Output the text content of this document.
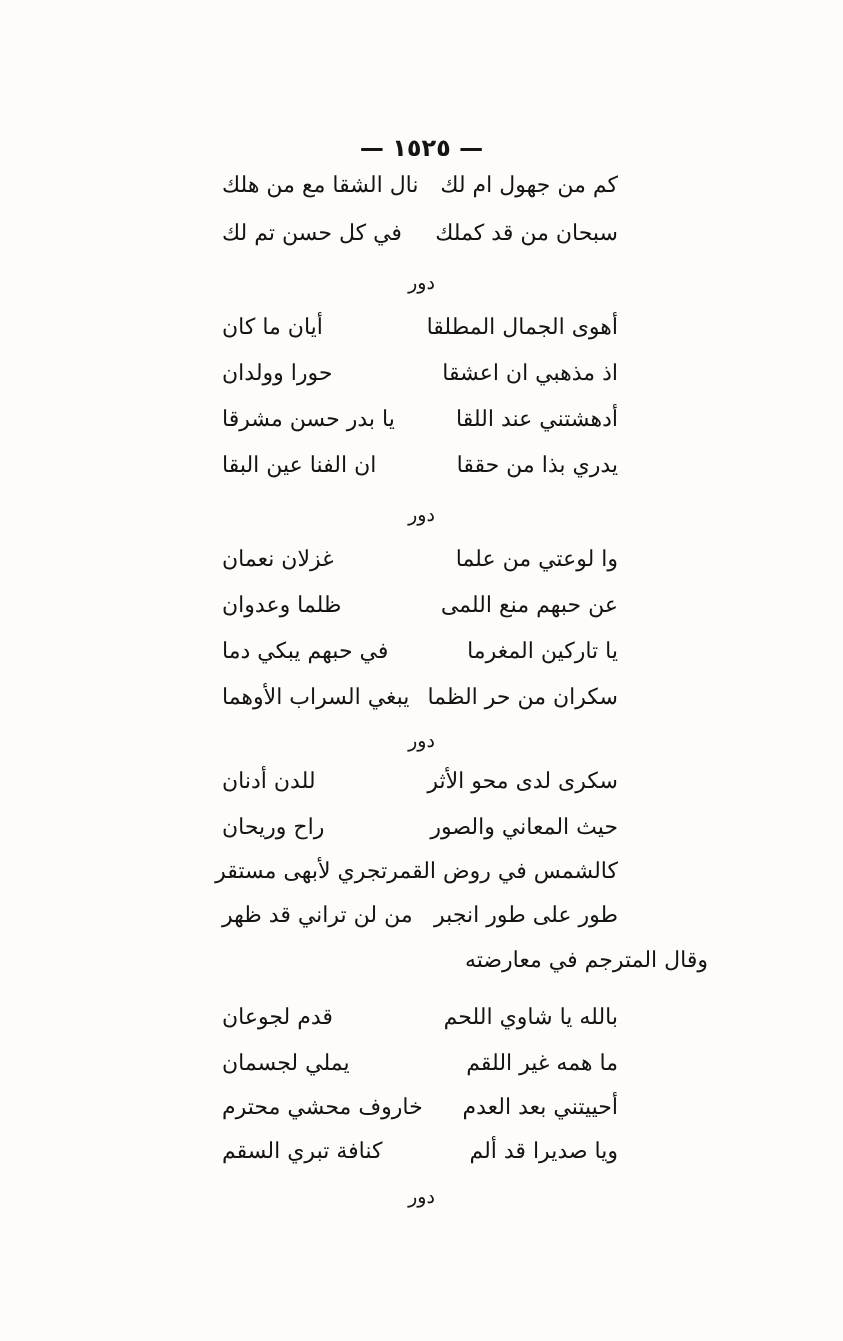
— ١٥٢٥ —
كم من جهول ام لك
نال الشقا مع من هلك
سبحان من قد كملك
في كل حسن تم لك
دور
أهوى الجمال المطلقا
أيان ما كان
اذ مذهبي ان اعشقا
حورا وولدان
أدهشتني عند اللقا
يا بدر حسن مشرقا
يدري بذا من حققا
ان الفنا عين البقا
دور
وا لوعتي من علما
غزلان نعمان
عن حبهم منع اللمى
ظلما وعدوان
يا تاركين المغرما
في حبهم يبكي دما
سكران من حر الظما
يبغي السراب الأوهما
دور
سكرى لدى محو الأثر
للدن أدنان
حيث المعاني والصور
راح وريحان
كالشمس في روض القمر
تجري لأبهى مستقر
طور على طور انجبر
من لن تراني قد ظهر
وقال المترجم في معارضته
بالله يا شاوي اللحم
قدم لجوعان
ما همه غير اللقم
يملي لجسمان
أحييتني بعد العدم
خاروف محشي محترم
ويا صديرا قد ألم
كنافة تبري السقم
دور
